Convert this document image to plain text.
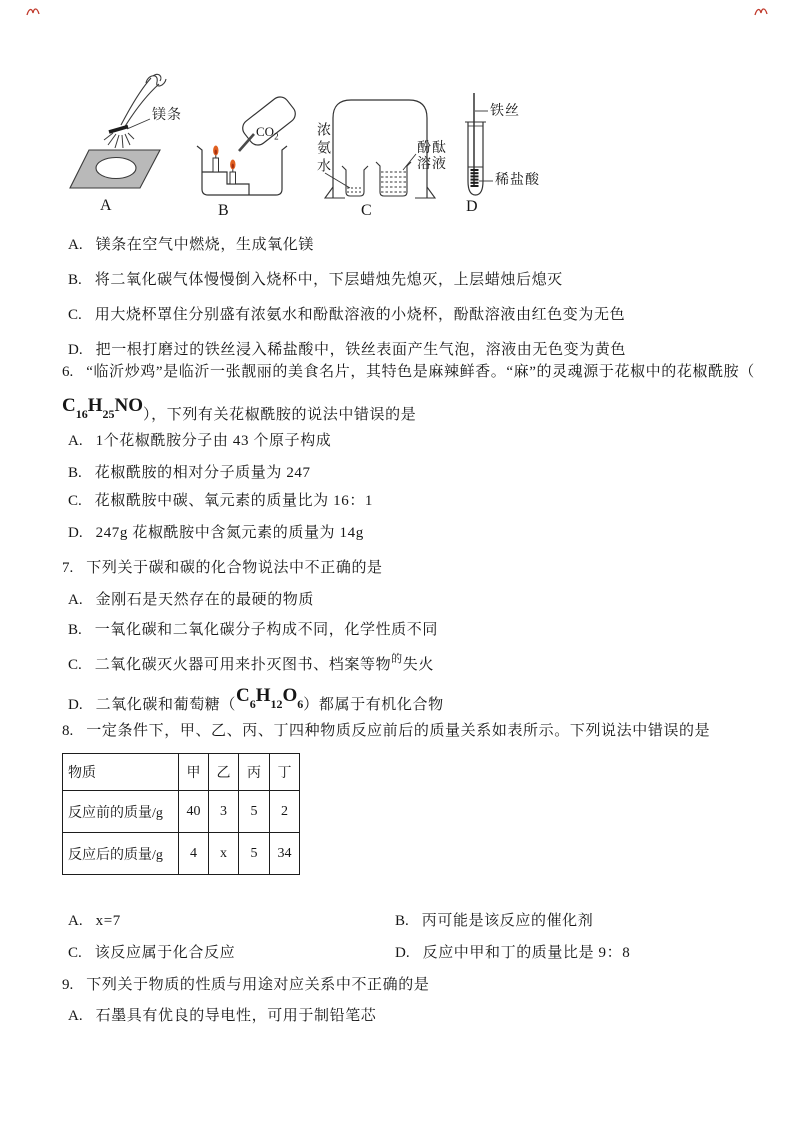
镁条
A
$CO_2$
B
浓氨水	酚酞溶液
C
铁丝
稀盐酸
D
A. 镁条在空气中燃烧，生成氧化镁
B. 将二氧化碳气体慢慢倒入烧杯中，下层蜡烛先熄灭，上层蜡烛后熄灭
C. 用大烧杯罩住分别盛有浓氨水和酚酞溶液的小烧杯，酚酞溶液由红色变为无色
D. 把一根打磨过的铁丝浸入稀盐酸中，铁丝表面产生气泡，溶液由无色变为黄色
6. “临沂炒鸡”是临沂一张靓丽的美食名片，其特色是麻辣鲜香。“麻”的灵魂源于花椒中的花椒酰胺（
$C_{16}H_{25}NO$），下列有关花椒酰胺的说法中错误的是
A. 1个花椒酰胺分子由 43 个原子构成
B. 花椒酰胺的相对分子质量为 247
C. 花椒酰胺中碳、氧元素的质量比为 16：1
D. 247g 花椒酰胺中含氮元素的质量为 14g
7. 下列关于碳和碳的化合物说法中不正确的是
A. 金刚石是天然存在的最硬的物质
B. 一氧化碳和二氧化碳分子构成不同，化学性质不同
C. 二氧化碳灭火器可用来扑灭图书、档案等物$^的$失火
D. 二氧化碳和葡萄糖$(C_6H_{12}O_6)$都属于有机化合物
8. 一定条件下，甲、乙、丙、丁四种物质反应前后的质量关系如表所示。下列说法中错误的是
物质	甲	乙	丙	丁
反应前的质量/g	40	3	5	2
反应后的质量/g	4	x	5	34
A. x=7	B. 丙可能是该反应的催化剂
C. 该反应属于化合反应	D. 反应中甲和丁的质量比是 9：8
9. 下列关于物质的性质与用途对应关系中不正确的是
A. 石墨具有优良的导电性，可用于制铅笔芯
